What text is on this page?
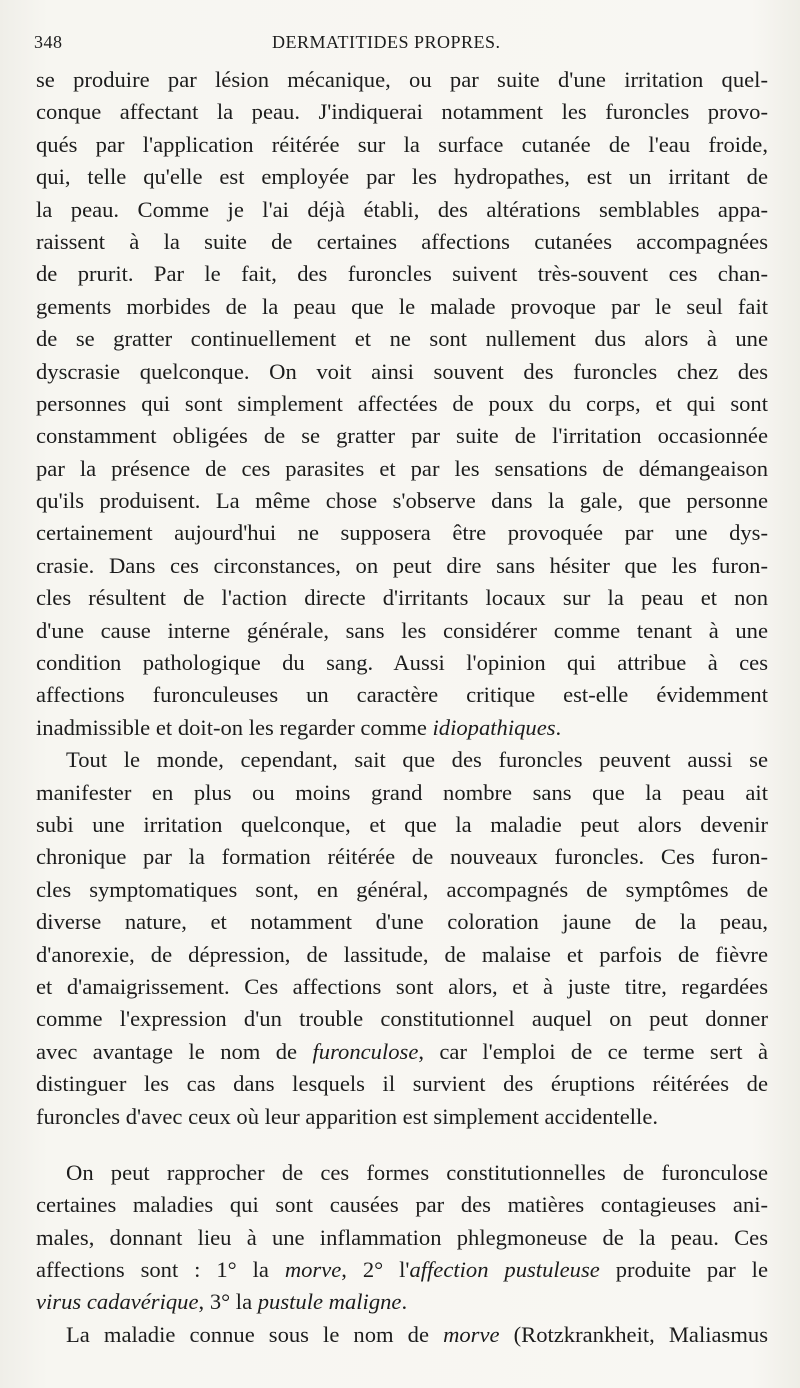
348	DERMATITIDES PROPRES.
se produire par lésion mécanique, ou par suite d'une irritation quel-
conque affectant la peau. J'indiquerai notamment les furoncles provo-
qués par l'application réitérée sur la surface cutanée de l'eau froide,
qui, telle qu'elle est employée par les hydropathes, est un irritant de
la peau. Comme je l'ai déjà établi, des altérations semblables appa-
raissent à la suite de certaines affections cutanées accompagnées
de prurit. Par le fait, des furoncles suivent très-souvent ces chan-
gements morbides de la peau que le malade provoque par le seul fait
de se gratter continuellement et ne sont nullement dus alors à une
dyscrasie quelconque. On voit ainsi souvent des furoncles chez des
personnes qui sont simplement affectées de poux du corps, et qui sont
constamment obligées de se gratter par suite de l'irritation occasionnée
par la présence de ces parasites et par les sensations de démangeaison
qu'ils produisent. La même chose s'observe dans la gale, que personne
certainement aujourd'hui ne supposera être provoquée par une dys-
crasie. Dans ces circonstances, on peut dire sans hésiter que les furon-
cles résultent de l'action directe d'irritants locaux sur la peau et non
d'une cause interne générale, sans les considérer comme tenant à une
condition pathologique du sang. Aussi l'opinion qui attribue à ces
affections furonculeuses un caractère critique est-elle évidemment
inadmissible et doit-on les regarder comme idiopathiques.
Tout le monde, cependant, sait que des furoncles peuvent aussi se
manifester en plus ou moins grand nombre sans que la peau ait
subi une irritation quelconque, et que la maladie peut alors devenir
chronique par la formation réitérée de nouveaux furoncles. Ces furon-
cles symptomatiques sont, en général, accompagnés de symptômes de
diverse nature, et notamment d'une coloration jaune de la peau,
d'anorexie, de dépression, de lassitude, de malaise et parfois de fièvre
et d'amaigrissement. Ces affections sont alors, et à juste titre, regardées
comme l'expression d'un trouble constitutionnel auquel on peut donner
avec avantage le nom de furonculose, car l'emploi de ce terme sert à
distinguer les cas dans lesquels il survient des éruptions réitérées de
furoncles d'avec ceux où leur apparition est simplement accidentelle.
On peut rapprocher de ces formes constitutionnelles de furonculose
certaines maladies qui sont causées par des matières contagieuses ani-
males, donnant lieu à une inflammation phlegmoneuse de la peau. Ces
affections sont : 1° la morve, 2° l'affection pustuleuse produite par le
virus cadavérique, 3° la pustule maligne.
La maladie connue sous le nom de morve (Rotzkrankheit, Maliasmus
